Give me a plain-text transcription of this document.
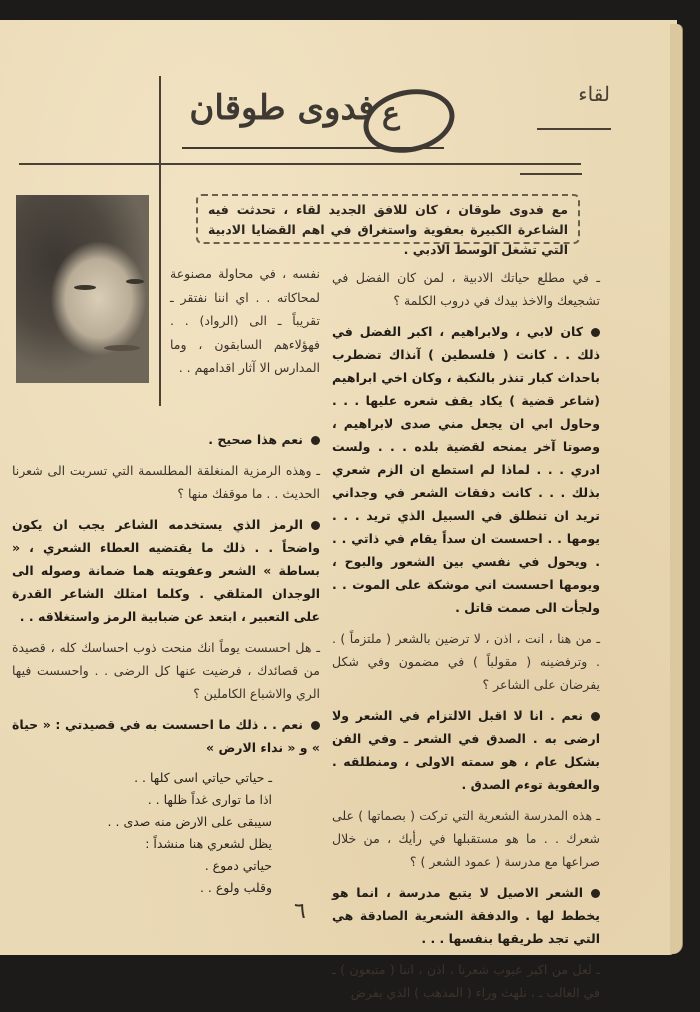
لقاء
ع
فدوى طوقان
مع فدوى طوقان ، كان للافق الجديد لقاء ، تحدثت فيه الشاعرة الكبيرة بعفوية واستغراق في اهم القضايا الادبية التي تشغل الوسط الادبي .

ـ في مطلع حياتك الادبية ، لمن كان الفضل في تشجيعك والاخذ بيدك في دروب الكلمة ؟

كان لابي ، ولابراهيم ، اكبر الفضل في ذلك . . كانت ( فلسطين ) آنذاك تضطرب باحداث كبار تنذر بالنكبة ، وكان اخي ابراهيم (شاعر قضية ) يكاد يقف شعره عليها . . . وحاول ابي ان يجعل مني صدى لابراهيم ، وصوتا آخر يمنحه لقضية بلده . . . ولست ادري . . . لماذا لم استطع ان الزم شعري بذلك . . . كانت دفقات الشعر في وجداني تريد ان تنطلق في السبيل الذي تريد . . . يومها . . احسست ان سداً يقام في ذاتي . . . ويحول في نفسي بين الشعور والبوح ، ويومها احسست اني موشكة على الموت . . ولجأت الى صمت قاتل .

ـ من هنا ، انت ، اذن ، لا ترضين بالشعر ( ملتزماً ) . . وترفضينه ( مقولباً ) في مضمون وفي شكل يفرضان على الشاعر ؟

نعم . انا لا اقبل الالتزام في الشعر ولا ارضى به . الصدق في الشعر ـ وفي الفن بشكل عام ، هو سمته الاولى ، ومنطلقه . والعفوية توءم الصدق .

ـ هذه المدرسة الشعرية التي تركت ( بصماتها ) على شعرك . . ما هو مستقبلها في رأيك ، من خلال صراعها مع مدرسة ( عمود الشعر ) ؟

الشعر الاصيل لا يتبع مدرسة ، انما هو يخطط لها . والدفقة الشعرية الصادقة هي التي تجد طريقها بنفسها . . .

ـ لعل من اكبر عيوب شعرنا ، اذن ، اننا ( متبعون ) ـ في الغالب ـ ، نلهث وراء ( المذهب ) الذي يفرض

نفسه ، في محاولة مصنوعة لمحاكاته . . اي اننا نفتقر ـ تقريباً ـ الى (الرواد) . . فهؤلاءهم السابقون ، وما المدارس الا آثار اقدامهم . .

نعم هذا صحيح .

ـ وهذه الرمزية المنغلقة المطلسمة التي تسربت الى شعرنا الحديث . . ما موقفك منها ؟

الرمز الذي يستخدمه الشاعر يجب ان يكون واضحاً . . ذلك ما يقتضيه العطاء الشعري ، « بساطة » الشعر وعفويته هما ضمانة وصوله الى الوجدان المتلقي . وكلما امتلك الشاعر القدرة على التعبير ، ابتعد عن ضبابية الرمز واستغلاقه . .

ـ هل احسست يوماً انك منحت ذوب احساسك كله ، قصيدة من قصائدك ، فرضيت عنها كل الرضى . . واحسست فيها الري والاشباع الكاملين ؟

نعم . . ذلك ما احسست به في قصيدتي : « حياة » و « نداء الارض »

ـ حياتي حياتي اسى كلها . .
اذا ما توارى غداً ظلها . .
سيبقى على الارض منه صدى . .
يظل لشعري هنا منشداً :
حياتي دموع .
وقلب ولوع . .
٦
